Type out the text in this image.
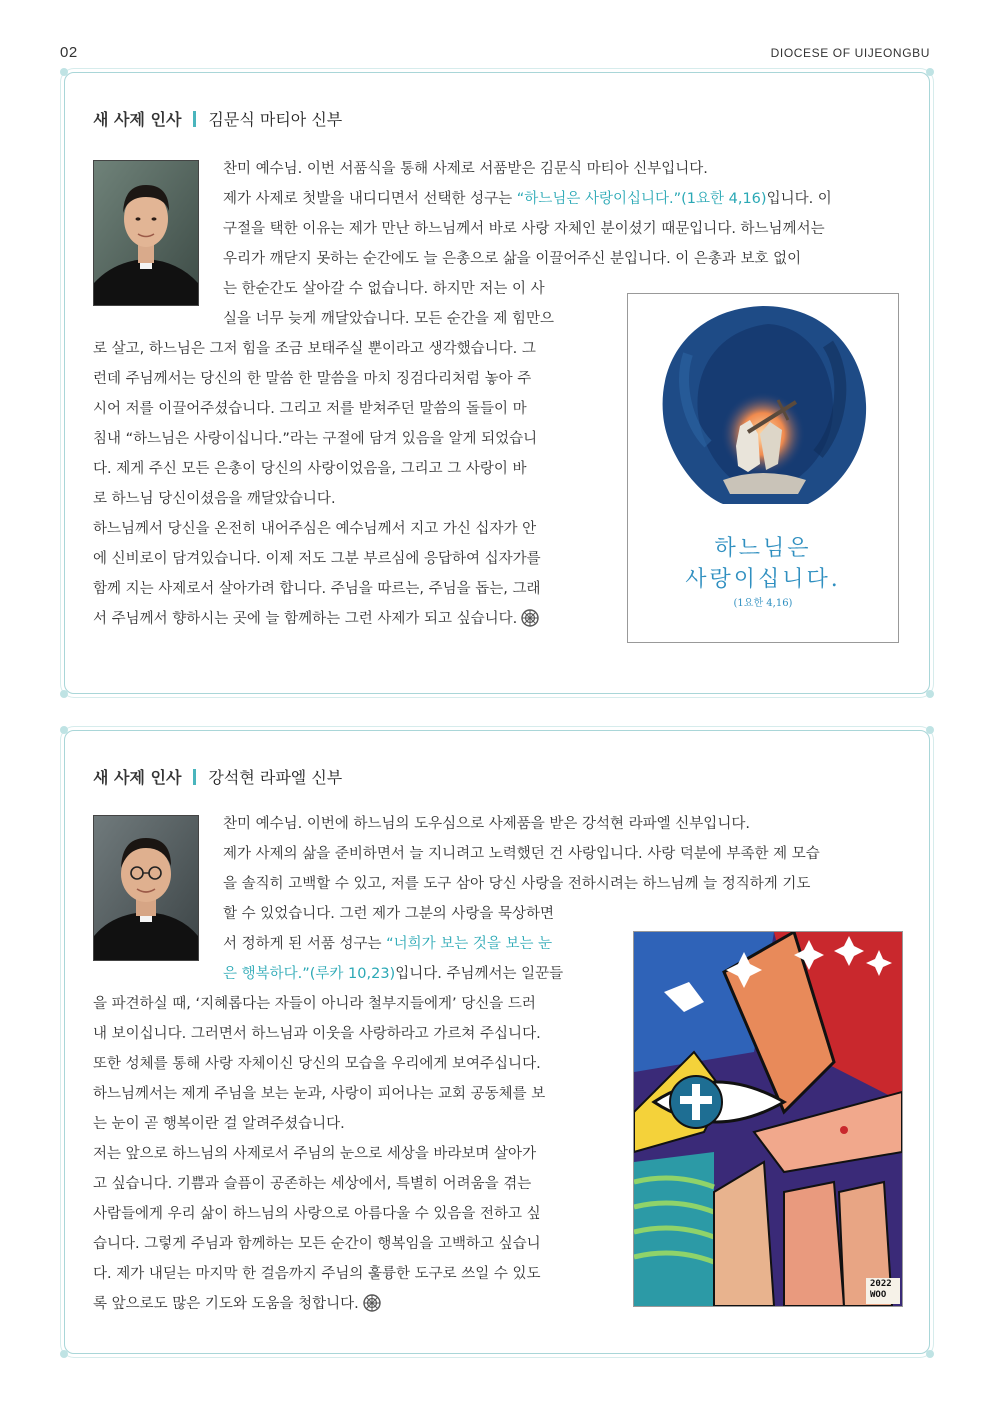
02	DIOCESE OF UIJEONGBU
새 사제 인사 김문식 마티아 신부
하느님은
사랑이십니다.
(1요한 4,16)
찬미 예수님. 이번 서품식을 통해 사제로 서품받은 김문식 마티아 신부입니다.
제가 사제로 첫발을 내디디면서 선택한 성구는 “하느님은 사랑이십니다.”(1요한 4,16)입니다. 이
구절을 택한 이유는 제가 만난 하느님께서 바로 사랑 자체인 분이셨기 때문입니다. 하느님께서는
우리가 깨닫지 못하는 순간에도 늘 은총으로 삶을 이끌어주신 분입니다. 이 은총과 보호 없이
는 한순간도 살아갈 수 없습니다. 하지만 저는 이 사
실을 너무 늦게 깨달았습니다. 모든 순간을 제 힘만으
로 살고, 하느님은 그저 힘을 조금 보태주실 뿐이라고 생각했습니다. 그
런데 주님께서는 당신의 한 말씀 한 말씀을 마치 징검다리처럼 놓아 주
시어 저를 이끌어주셨습니다. 그리고 저를 받쳐주던 말씀의 돌들이 마
침내 “하느님은 사랑이십니다.”라는 구절에 담겨 있음을 알게 되었습니
다. 제게 주신 모든 은총이 당신의 사랑이었음을, 그리고 그 사랑이 바
로 하느님 당신이셨음을 깨달았습니다.
하느님께서 당신을 온전히 내어주심은 예수님께서 지고 가신 십자가 안
에 신비로이 담겨있습니다. 이제 저도 그분 부르심에 응답하여 십자가를
함께 지는 사제로서 살아가려 합니다. 주님을 따르는, 주님을 돕는, 그래
서 주님께서 향하시는 곳에 늘 함께하는 그런 사제가 되고 싶습니다.
새 사제 인사 강석현 라파엘 신부
2022
WOO
찬미 예수님. 이번에 하느님의 도우심으로 사제품을 받은 강석현 라파엘 신부입니다.
제가 사제의 삶을 준비하면서 늘 지니려고 노력했던 건 사랑입니다. 사랑 덕분에 부족한 제 모습
을 솔직히 고백할 수 있고, 저를 도구 삼아 당신 사랑을 전하시려는 하느님께 늘 정직하게 기도
할 수 있었습니다. 그런 제가 그분의 사랑을 묵상하면
서 정하게 된 서품 성구는 “너희가 보는 것을 보는 눈
은 행복하다.”(루카 10,23)입니다. 주님께서는 일꾼들
을 파견하실 때, ‘지혜롭다는 자들이 아니라 철부지들에게’ 당신을 드러
내 보이십니다. 그러면서 하느님과 이웃을 사랑하라고 가르쳐 주십니다.
또한 성체를 통해 사랑 자체이신 당신의 모습을 우리에게 보여주십니다.
하느님께서는 제게 주님을 보는 눈과, 사랑이 피어나는 교회 공동체를 보
는 눈이 곧 행복이란 걸 알려주셨습니다.
저는 앞으로 하느님의 사제로서 주님의 눈으로 세상을 바라보며 살아가
고 싶습니다. 기쁨과 슬픔이 공존하는 세상에서, 특별히 어려움을 겪는
사람들에게 우리 삶이 하느님의 사랑으로 아름다울 수 있음을 전하고 싶
습니다. 그렇게 주님과 함께하는 모든 순간이 행복임을 고백하고 싶습니
다. 제가 내딛는 마지막 한 걸음까지 주님의 훌륭한 도구로 쓰일 수 있도
록 앞으로도 많은 기도와 도움을 청합니다.
